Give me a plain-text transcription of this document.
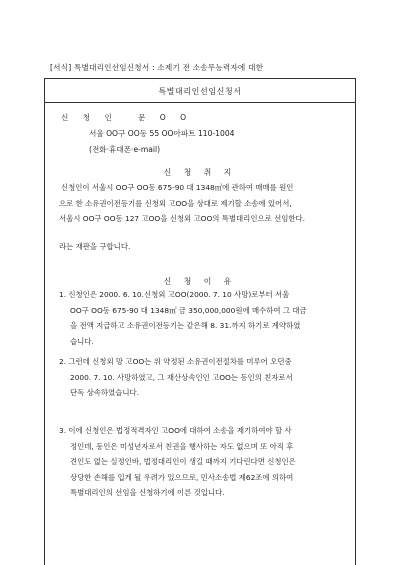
[서식] 특별대리인선임신청서 : 소제기 전 소송무능력자에 대한
특별대리인선임신청서
신 청 인	문 O O
서울 OO구 OO동 55 OO아파트 110-1004
(전화·휴대폰·e-mail)
신 청 취 지
신청인이 서울시 OO구 OO동 675-90 대 1348㎡에 관하여 매매를 원인
으로 한 소유권이전등기를 신청외 고OO을 상대로 제기할 소송에 있어서,
서울시 OO구 OO동 127 고OO을 신청외 고OO의 특별대리인으로 선임한다.
라는 재판을 구합니다.
신 청 이 유
1. 신청인은 2000. 6. 10.신청외 고OO(2000. 7. 10 사망)로부터 서울
OO구 OO동 675-90 대 1348㎡ 금 350,000,000원에 매수하여 그 대금
을 전액 지급하고 소유권이전등기는 같은해 8. 31.까지 하기로 계약하였
습니다.
2. 그런데 신청외 망 고OO는 위 약정된 소유권이전절차를 미루어 오던중
2000. 7. 10. 사망하였고, 그 재산상속인인 고OO는 동인의 친자로서
단독 상속하였습니다.
3. 이에 신청인은 법정적격자인 고OO에 대하여 소송을 제기하여야 할 사
정인데, 동인은 미성년자로서 친권을 행사하는 자도 없으며 또 아직 후
견인도 없는 실정인바, 법정대리인이 생길 때까지 기다린다면 신청인은
상당한 손해를 입게 될 우려가 있으므로, 민사소송법 제62조에 의하여
특별대리인의 선임을 신청하기에 이른 것입니다.
